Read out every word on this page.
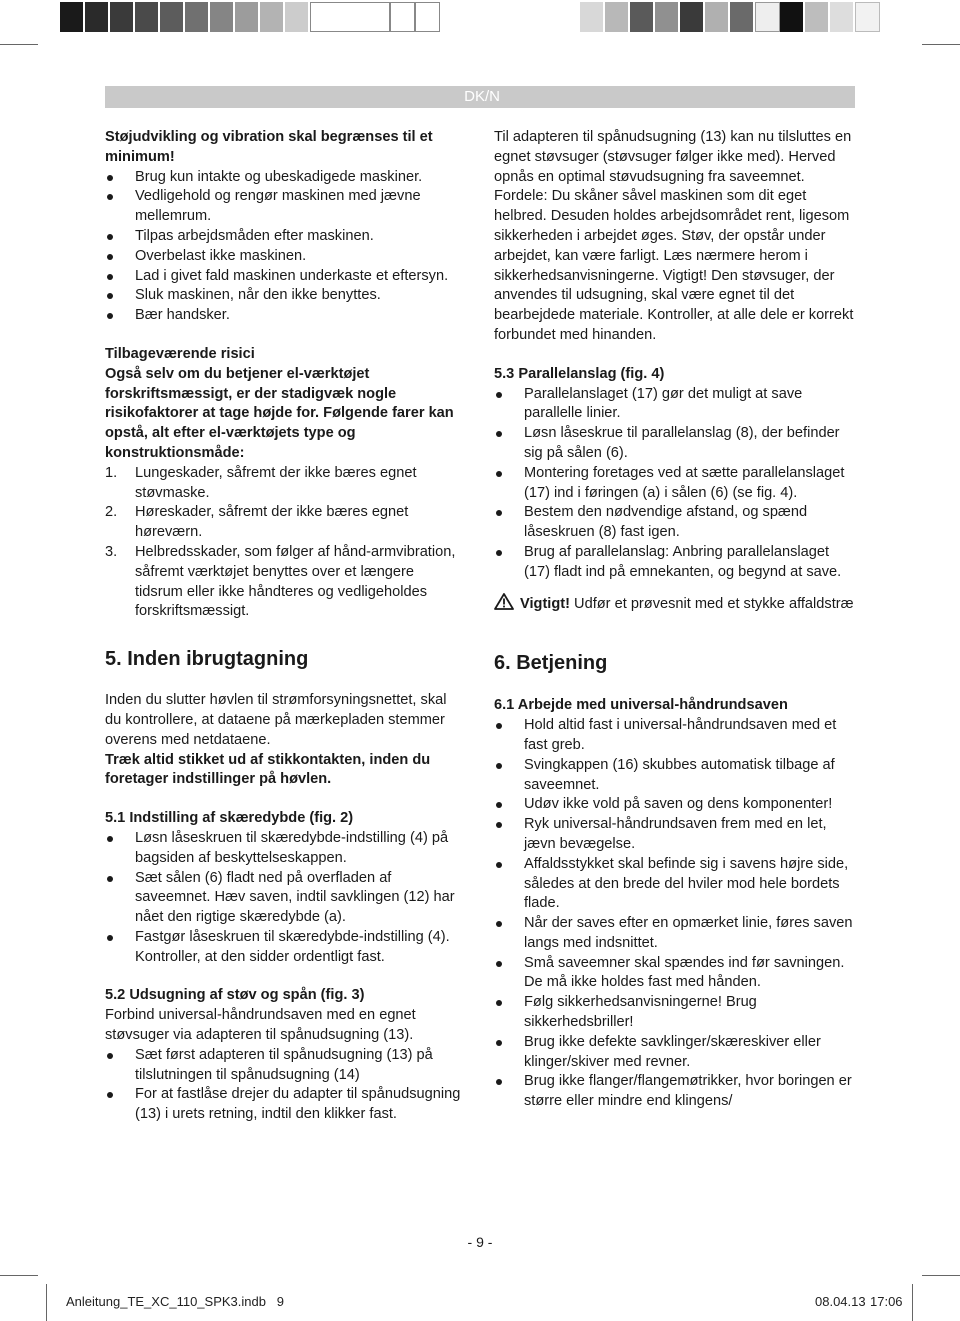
DK/N

Støjudvikling og vibration skal begrænses til et minimum!

Brug kun intakte og ubeskadigede maskiner.
Vedligehold og rengør maskinen med jævne mellemrum.
Tilpas arbejdsmåden efter maskinen.
Overbelast ikke maskinen.
Lad i givet fald maskinen underkaste et eftersyn.
Sluk maskinen, når den ikke benyttes.
Bær handsker.

Tilbageværende risici

Også selv om du betjener el-værktøjet forskriftsmæssigt, er der stadigvæk nogle risikofaktorer at tage højde for. Følgende farer kan opstå, alt efter el-værktøjets type og konstruktionsmåde:

1. Lungeskader, såfremt der ikke bæres egnet støvmaske.
2. Høreskader, såfremt der ikke bæres egnet høreværn.
3. Helbredsskader, som følger af hånd-armvibration, såfremt værktøjet benyttes over et længere tidsrum eller ikke håndteres og vedligeholdes forskriftsmæssigt.

5. Inden ibrugtagning

Inden du slutter høvlen til strømforsyningsnettet, skal du kontrollere, at dataene på mærkepladen stemmer overens med netdataene.

Træk altid stikket ud af stikkontakten, inden du foretager indstillinger på høvlen.

5.1 Indstilling af skæredybde (fig. 2)

Løsn låseskruen til skæredybde-indstilling (4) på bagsiden af beskyttelseskappen.
Sæt sålen (6) fladt ned på overfladen af saveemnet. Hæv saven, indtil savklingen (12) har nået den rigtige skæredybde (a).
Fastgør låseskruen til skæredybde-indstilling (4). Kontroller, at den sidder ordentligt fast.

5.2 Udsugning af støv og spån (fig. 3)

Forbind universal-håndrundsaven med en egnet støvsuger via adapteren til spånudsugning (13).

Sæt først adapteren til spånudsugning (13) på tilslutningen til spånudsugning (14)
For at fastlåse drejer du adapter til spånudsugning (13) i urets retning, indtil den klikker fast.

Til adapteren til spånudsugning (13) kan nu tilsluttes en egnet støvsuger (støvsuger følger ikke med). Herved opnås en optimal støvudsugning fra saveemnet. Fordele: Du skåner såvel maskinen som dit eget helbred. Desuden holdes arbejdsområdet rent, ligesom sikkerheden i arbejdet øges. Støv, der opstår under arbejdet, kan være farligt. Læs nærmere herom i sikkerhedsanvisningerne. Vigtigt! Den støvsuger, der anvendes til udsugning, skal være egnet til det bearbejdede materiale. Kontroller, at alle dele er korrekt forbundet med hinanden.

5.3 Parallelanslag (fig. 4)

Parallelanslaget (17) gør det muligt at save parallelle linier.
Løsn låseskrue til parallelanslag (8), der befinder sig på sålen (6).
Montering foretages ved at sætte parallelanslaget (17) ind i føringen (a) i sålen (6) (se fig. 4).
Bestem den nødvendige afstand, og spænd låseskruen (8) fast igen.
Brug af parallelanslag: Anbring parallelanslaget (17) fladt ind på emnekanten, og begynd at save.

Vigtigt! Udfør et prøvesnit med et stykke affaldstræ

6. Betjening

6.1 Arbejde med universal-håndrundsaven

Hold altid fast i universal-håndrundsaven med et fast greb.
Svingkappen (16) skubbes automatisk tilbage af saveemnet.
Udøv ikke vold på saven og dens komponenter!
Ryk universal-håndrundsaven frem med en let, jævn bevægelse.
Affaldsstykket skal befinde sig i savens højre side, således at den brede del hviler mod hele bordets flade.
Når der saves efter en opmærket linie, føres saven langs med indsnittet.
Små saveemner skal spændes ind før savningen. De må ikke holdes fast med hånden.
Følg sikkerhedsanvisningerne! Brug sikkerhedsbriller!
Brug ikke defekte savklinger/skæreskiver eller klinger/skiver med revner.
Brug ikke flanger/flangemøtrikker, hvor boringen er større eller mindre end klingens/
- 9 -
Anleitung_TE_XC_110_SPK3.indb   9	08.04.13 17:06
